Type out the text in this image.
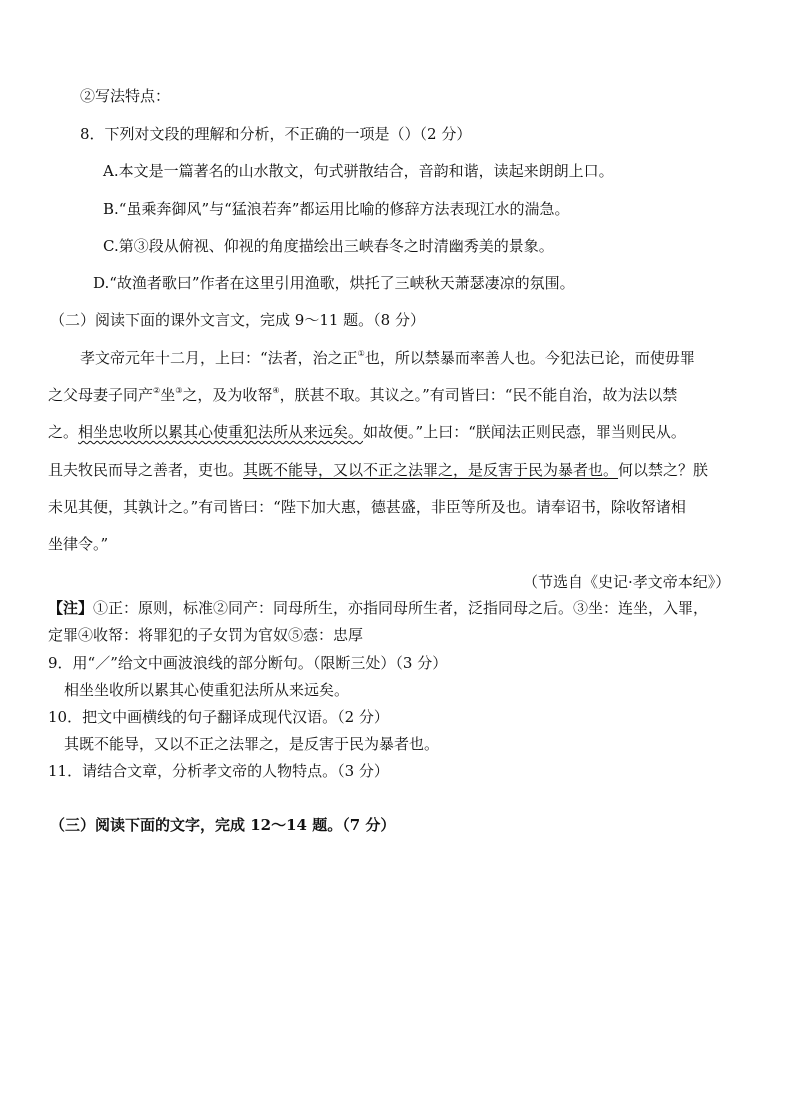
②写法特点：
8．下列对文段的理解和分析，不正确的一项是（）（2 分）
A.本文是一篇著名的山水散文，句式骈散结合，音韵和谐，读起来朗朗上口。
B.“虽乘奔御风”与“猛浪若奔”都运用比喻的修辞方法表现江水的湍急。
C.第③段从俯视、仰视的角度描绘出三峡春冬之时清幽秀美的景象。
D.“故渔者歌曰”作者在这里引用渔歌，烘托了三峡秋天萧瑟凄凉的氛围。
（二）阅读下面的课外文言文，完成 9～11 题。（8 分）
孝文帝元年十二月，上曰：“法者，治之正①也，所以禁暴而率善人也。今犯法已论，而使毋罪
之父母妻子同产②坐③之，及为收帑④，朕甚不取。其议之。”有司皆曰：“民不能自治，故为法以禁
之。相坐忠收所以累其心使重犯法所从来远矣。如故便。”上曰：“朕闻法正则民悫，罪当则民从。
且夫牧民而导之善者，吏也。其既不能导，又以不正之法罪之，是反害于民为暴者也。何以禁之？朕
未见其便，其孰计之。”有司皆曰：“陛下加大惠，德甚盛，非臣等所及也。请奉诏书，除收帑诸相
坐律令。”
（节选自《史记·孝文帝本纪》）
【注】①正：原则，标准②同产：同母所生，亦指同母所生者，泛指同母之后。③坐：连坐，入罪，
定罪④收帑：将罪犯的子女罚为官奴⑤悫：忠厚
9．用“／”给文中画波浪线的部分断句。（限断三处）（3 分）
相坐坐收所以累其心使重犯法所从来远矣。
10．把文中画横线的句子翻译成现代汉语。（2 分）
其既不能导，又以不正之法罪之，是反害于民为暴者也。
11．请结合文章，分析孝文帝的人物特点。（3 分）
（三）阅读下面的文字，完成 12～14 题。（7 分）
